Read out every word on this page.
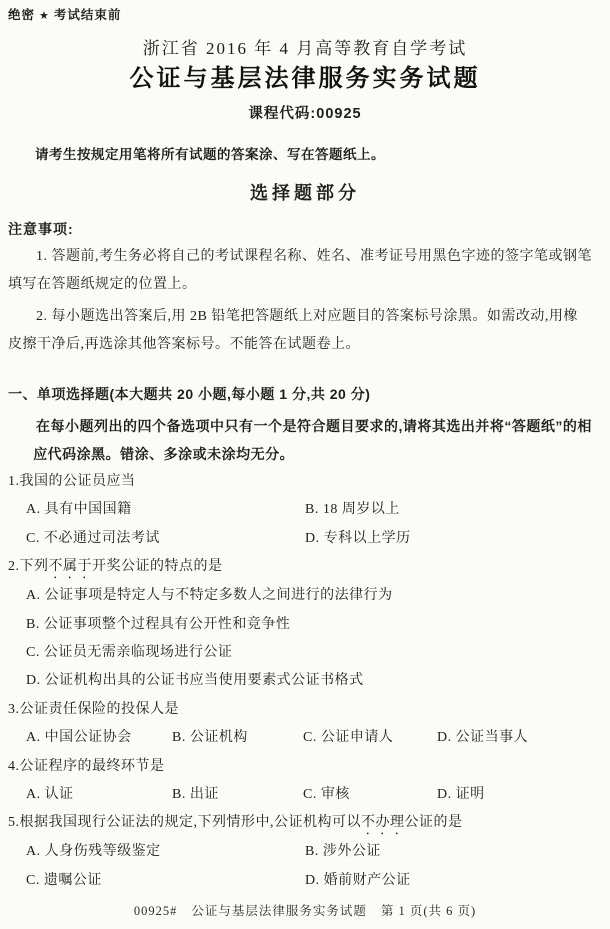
绝密 ★ 考试结束前
浙江省 2016 年 4 月高等教育自学考试
公证与基层法律服务实务试题
课程代码:00925
请考生按规定用笔将所有试题的答案涂、写在答题纸上。
选择题部分
注意事项:
1. 答题前,考生务必将自己的考试课程名称、姓名、准考证号用黑色字迹的签字笔或钢笔
填写在答题纸规定的位置上。
2. 每小题选出答案后,用 2B 铅笔把答题纸上对应题目的答案标号涂黑。如需改动,用橡
皮擦干净后,再选涂其他答案标号。不能答在试题卷上。
一、单项选择题(本大题共 20 小题,每小题 1 分,共 20 分)
在每小题列出的四个备选项中只有一个是符合题目要求的,请将其选出并将“答题纸”的相
应代码涂黑。错涂、多涂或未涂均无分。
1.我国的公证员应当
A. 具有中国国籍	B. 18 周岁以上
C. 不必通过司法考试	D. 专科以上学历
2.下列不属于开奖公证的特点的是
A. 公证事项是特定人与不特定多数人之间进行的法律行为
B. 公证事项整个过程具有公开性和竞争性
C. 公证员无需亲临现场进行公证
D. 公证机构出具的公证书应当使用要素式公证书格式
3.公证责任保险的投保人是
A. 中国公证协会	B. 公证机构	C. 公证申请人	D. 公证当事人
4.公证程序的最终环节是
A. 认证	B. 出证	C. 审核	D. 证明
5.根据我国现行公证法的规定,下列情形中,公证机构可以不办理公证的是
A. 人身伤残等级鉴定	B. 涉外公证
C. 遗嘱公证	D. 婚前财产公证
00925# 公证与基层法律服务实务试题 第 1 页(共 6 页)
